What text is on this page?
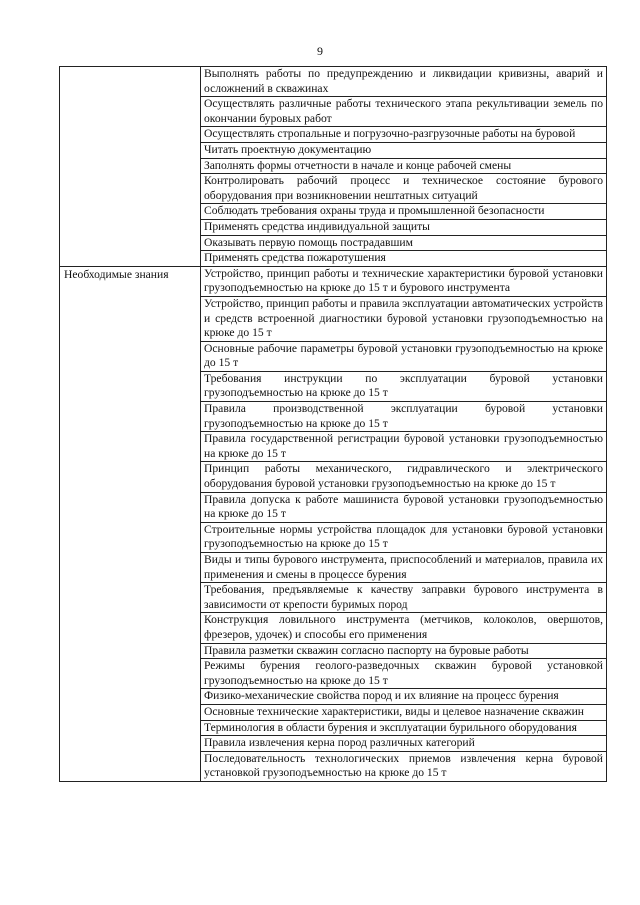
9
	Выполнять работы по предупреждению и ликвидации кривизны, аварий и осложнений в скважинах
	Осуществлять различные работы технического этапа рекультивации земель по окончании буровых работ
	Осуществлять стропальные и погрузочно-разгрузочные работы на буровой
	Читать проектную документацию
	Заполнять формы отчетности в начале и конце рабочей смены
	Контролировать рабочий процесс и техническое состояние бурового оборудования при возникновении нештатных ситуаций
	Соблюдать требования охраны труда и промышленной безопасности
	Применять средства индивидуальной защиты
	Оказывать первую помощь пострадавшим
	Применять средства пожаротушения
Необходимые знания	Устройство, принцип работы и технические характеристики буровой установки грузоподъемностью на крюке до 15 т и бурового инструмента
	Устройство, принцип работы и правила эксплуатации автоматических устройств и средств встроенной диагностики буровой установки грузоподъемностью на крюке до 15 т
	Основные рабочие параметры буровой установки грузоподъемностью на крюке до 15 т
	Требования инструкции по эксплуатации буровой установки грузоподъемностью на крюке до 15 т
	Правила производственной эксплуатации буровой установки грузоподъемностью на крюке до 15 т
	Правила государственной регистрации буровой установки грузоподъемностью на крюке до 15 т
	Принцип работы механического, гидравлического и электрического оборудования буровой установки грузоподъемностью на крюке до 15 т
	Правила допуска к работе машиниста буровой установки грузоподъемностью на крюке до 15 т
	Строительные нормы устройства площадок для установки буровой установки грузоподъемностью на крюке до 15 т
	Виды и типы бурового инструмента, приспособлений и материалов, правила их применения и смены в процессе бурения
	Требования, предъявляемые к качеству заправки бурового инструмента в зависимости от крепости буримых пород
	Конструкция ловильного инструмента (метчиков, колоколов, овершотов, фрезеров, удочек) и способы его применения
	Правила разметки скважин согласно паспорту на буровые работы
	Режимы бурения геолого-разведочных скважин буровой установкой грузоподъемностью на крюке до 15 т
	Физико-механические свойства пород и их влияние на процесс бурения
	Основные технические характеристики, виды и целевое назначение скважин
	Терминология в области бурения и эксплуатации бурильного оборудования
	Правила извлечения керна пород различных категорий
	Последовательность технологических приемов извлечения керна буровой установкой грузоподъемностью на крюке до 15 т
